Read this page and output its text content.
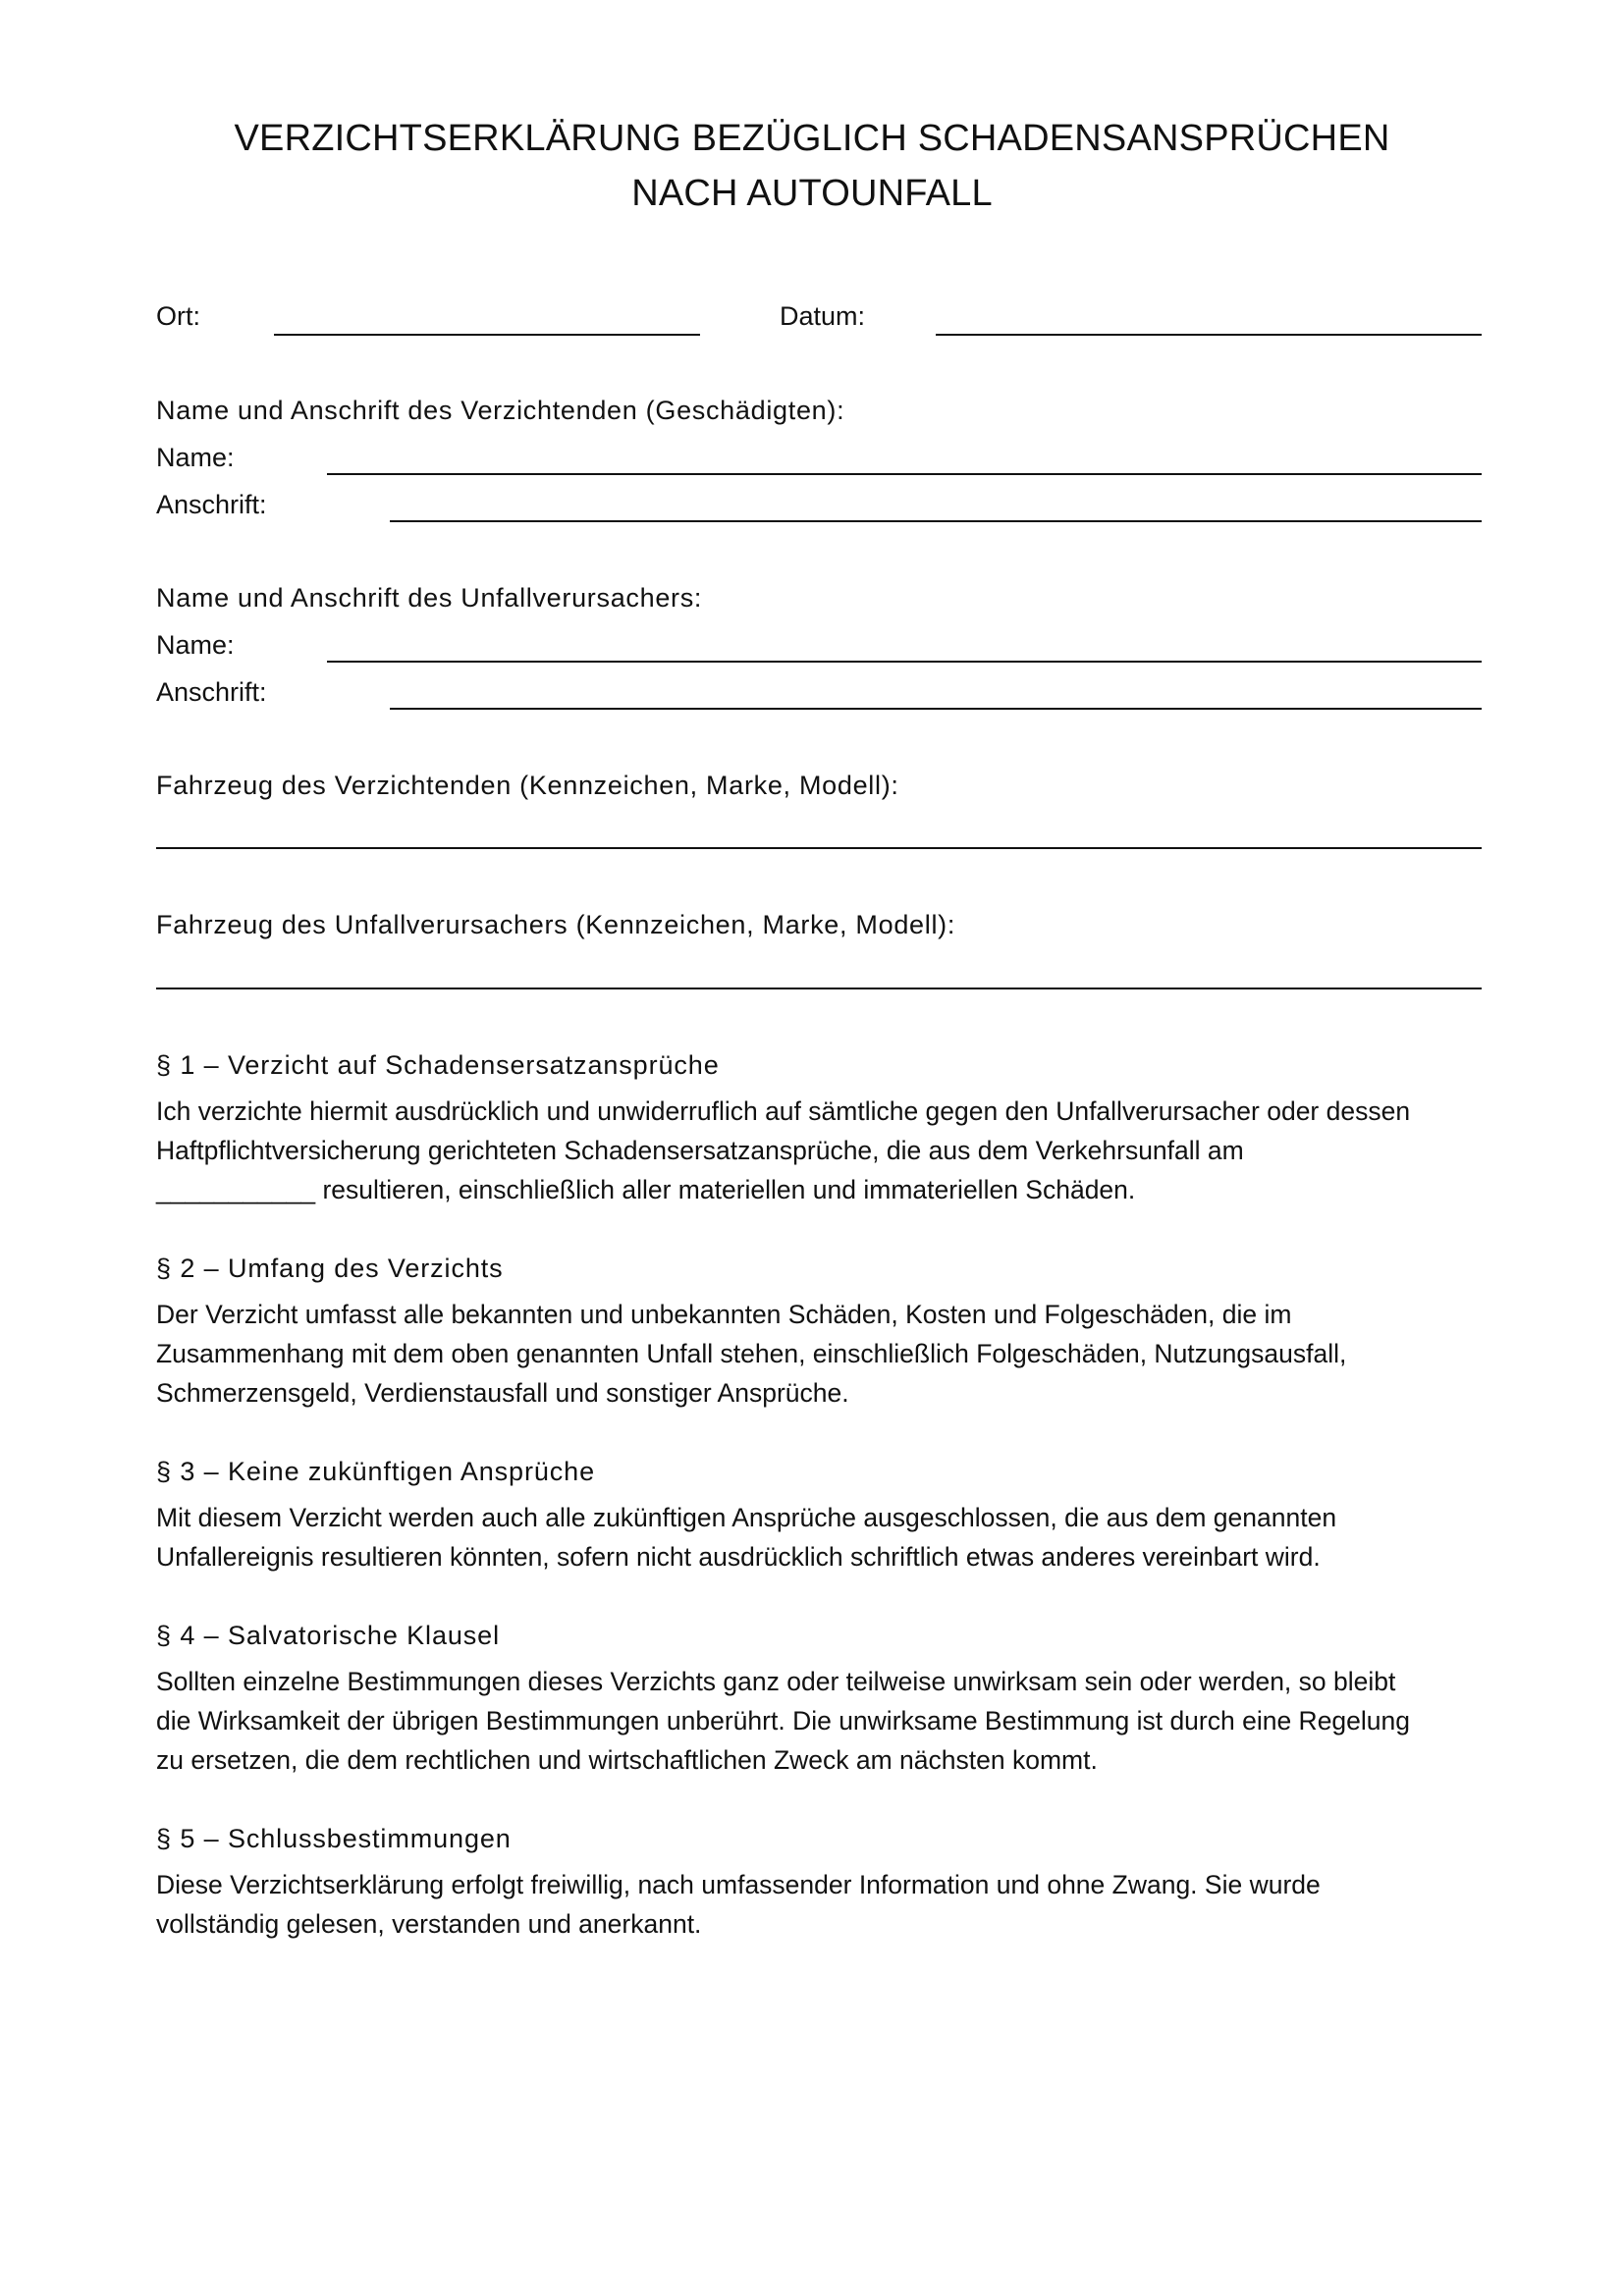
VERZICHTSERKLÄRUNG BEZÜGLICH SCHADENSANSPRÜCHEN
NACH AUTOUNFALL
Ort:	Datum:
Name und Anschrift des Verzichtenden (Geschädigten):
Name:
Anschrift:
Name und Anschrift des Unfallverursachers:
Name:
Anschrift:
Fahrzeug des Verzichtenden (Kennzeichen, Marke, Modell):
Fahrzeug des Unfallverursachers (Kennzeichen, Marke, Modell):
§ 1 – Verzicht auf Schadensersatzansprüche
Ich verzichte hiermit ausdrücklich und unwiderruflich auf sämtliche gegen den Unfallverursacher oder dessen
Haftpflichtversicherung gerichteten Schadensersatzansprüche, die aus dem Verkehrsunfall am
___________ resultieren, einschließlich aller materiellen und immateriellen Schäden.
§ 2 – Umfang des Verzichts
Der Verzicht umfasst alle bekannten und unbekannten Schäden, Kosten und Folgeschäden, die im
Zusammenhang mit dem oben genannten Unfall stehen, einschließlich Folgeschäden, Nutzungsausfall,
Schmerzensgeld, Verdienstausfall und sonstiger Ansprüche.
§ 3 – Keine zukünftigen Ansprüche
Mit diesem Verzicht werden auch alle zukünftigen Ansprüche ausgeschlossen, die aus dem genannten
Unfallereignis resultieren könnten, sofern nicht ausdrücklich schriftlich etwas anderes vereinbart wird.
§ 4 – Salvatorische Klausel
Sollten einzelne Bestimmungen dieses Verzichts ganz oder teilweise unwirksam sein oder werden, so bleibt
die Wirksamkeit der übrigen Bestimmungen unberührt. Die unwirksame Bestimmung ist durch eine Regelung
zu ersetzen, die dem rechtlichen und wirtschaftlichen Zweck am nächsten kommt.
§ 5 – Schlussbestimmungen
Diese Verzichtserklärung erfolgt freiwillig, nach umfassender Information und ohne Zwang. Sie wurde
vollständig gelesen, verstanden und anerkannt.
